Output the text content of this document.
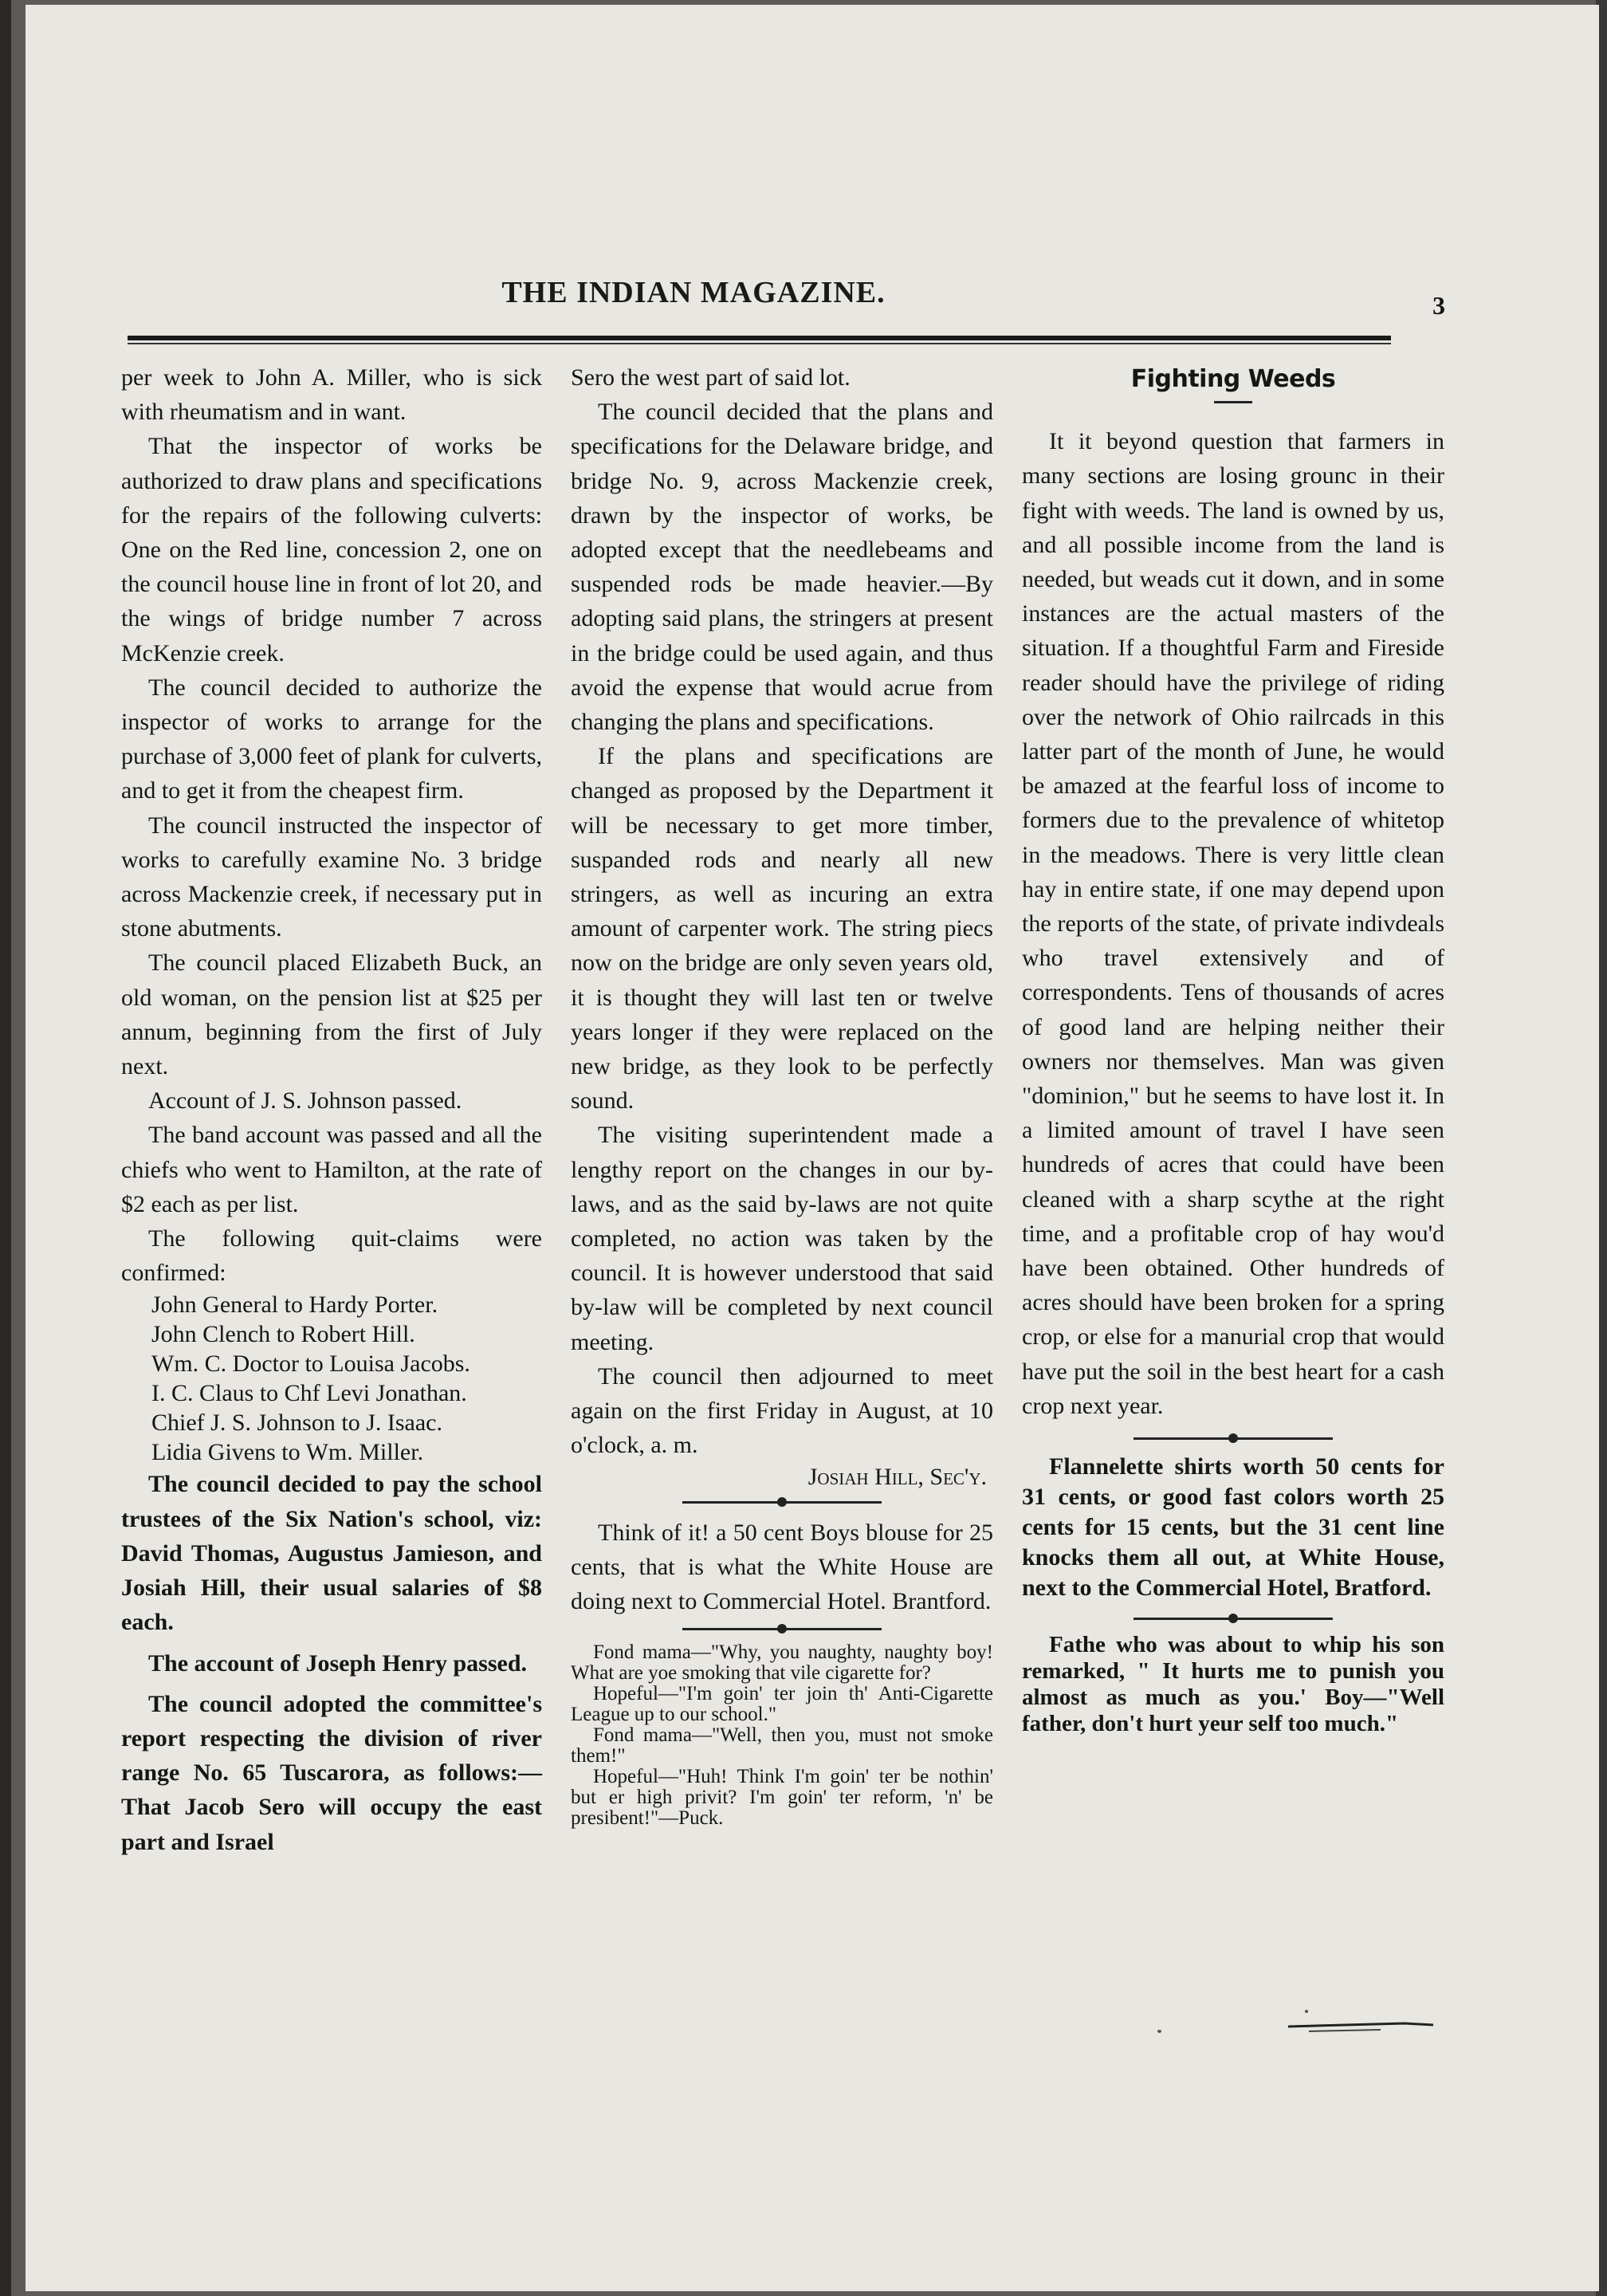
THE INDIAN MAGAZINE.	3

per week to John A. Miller, who is sick with rheumatism and in want.

That the inspector of works be authorized to draw plans and specifications for the repairs of the following culverts: One on the Red line, concession 2, one on the council house line in front of lot 20, and the wings of bridge number 7 across McKenzie creek.

The council decided to authorize the inspector of works to arrange for the purchase of 3,000 feet of plank for culverts, and to get it from the cheapest firm.

The council instructed the inspector of works to carefully examine No. 3 bridge across Mackenzie creek, if necessary put in stone abutments.

The council placed Elizabeth Buck, an old woman, on the pension list at $25 per annum, beginning from the first of July next.

Account of J. S. Johnson passed.

The band account was passed and all the chiefs who went to Hamilton, at the rate of $2 each as per list.

The following quit-claims were confirmed:

John General to Hardy Porter.
John Clench to Robert Hill.
Wm. C. Doctor to Louisa Jacobs.
I. C. Claus to Chf Levi Jonathan.
Chief J. S. Johnson to J. Isaac.
Lidia Givens to Wm. Miller.

The council decided to pay the school trustees of the Six Nation's school, viz: David Thomas, Augustus Jamieson, and Josiah Hill, their usual salaries of $8 each.

The account of Joseph Henry passed.

The council adopted the committee's report respecting the division of river range No. 65 Tuscarora, as follows:—That Jacob Sero will occupy the east part and Israel

Sero the west part of said lot.

The council decided that the plans and specifications for the Delaware bridge, and bridge No. 9, across Mackenzie creek, drawn by the inspector of works, be adopted except that the needlebeams and suspended rods be made heavier.—By adopting said plans, the stringers at present in the bridge could be used again, and thus avoid the expense that would acrue from changing the plans and specifications.

If the plans and specifications are changed as proposed by the Department it will be necessary to get more timber, suspanded rods and nearly all new stringers, as well as incuring an extra amount of carpenter work. The string piecs now on the bridge are only seven years old, it is thought they will last ten or twelve years longer if they were replaced on the new bridge, as they look to be perfectly sound.

The visiting superintendent made a lengthy report on the changes in our by-laws, and as the said by-laws are not quite completed, no action was taken by the council. It is however understood that said by-law will be completed by next council meeting.

The council then adjourned to meet again on the first Friday in August, at 10 o'clock, a. m.

Josiah Hill, Sec'y.

Think of it! a 50 cent Boys blouse for 25 cents, that is what the White House are doing next to Commercial Hotel. Brantford.

Fond mama—"Why, you naughty, naughty boy! What are yoe smoking that vile cigarette for?

Hopeful—"I'm goin' ter join th' Anti-Cigarette League up to our school."

Fond mama—"Well, then you, must not smoke them!"

Hopeful—"Huh! Think I'm goin' ter be nothin' but er high privit? I'm goin' ter reform, 'n' be presibent!"—Puck.

Fighting Weeds

It it beyond question that farmers in many sections are losing grounc in their fight with weeds. The land is owned by us, and all possible income from the land is needed, but weads cut it down, and in some instances are the actual masters of the situation. If a thoughtful Farm and Fireside reader should have the privilege of riding over the network of Ohio railrcads in this latter part of the month of June, he would be amazed at the fearful loss of income to formers due to the prevalence of whitetop in the meadows. There is very little clean hay in entire state, if one may depend upon the reports of the state, of private indivdeals who travel extensively and of correspondents. Tens of thousands of acres of good land are helping neither their owners nor themselves. Man was given "dominion," but he seems to have lost it. In a limited amount of travel I have seen hundreds of acres that could have been cleaned with a sharp scythe at the right time, and a profitable crop of hay wou'd have been obtained. Other hundreds of acres should have been broken for a spring crop, or else for a manurial crop that would have put the soil in the best heart for a cash crop next year.

Flannelette shirts worth 50 cents for 31 cents, or good fast colors worth 25 cents for 15 cents, but the 31 cent line knocks them all out, at White House, next to the Commercial Hotel, Bratford.

Fathe who was about to whip his son remarked, " It hurts me to punish you almost as much as you.' Boy—"Well father, don't hurt yeur self too much."
